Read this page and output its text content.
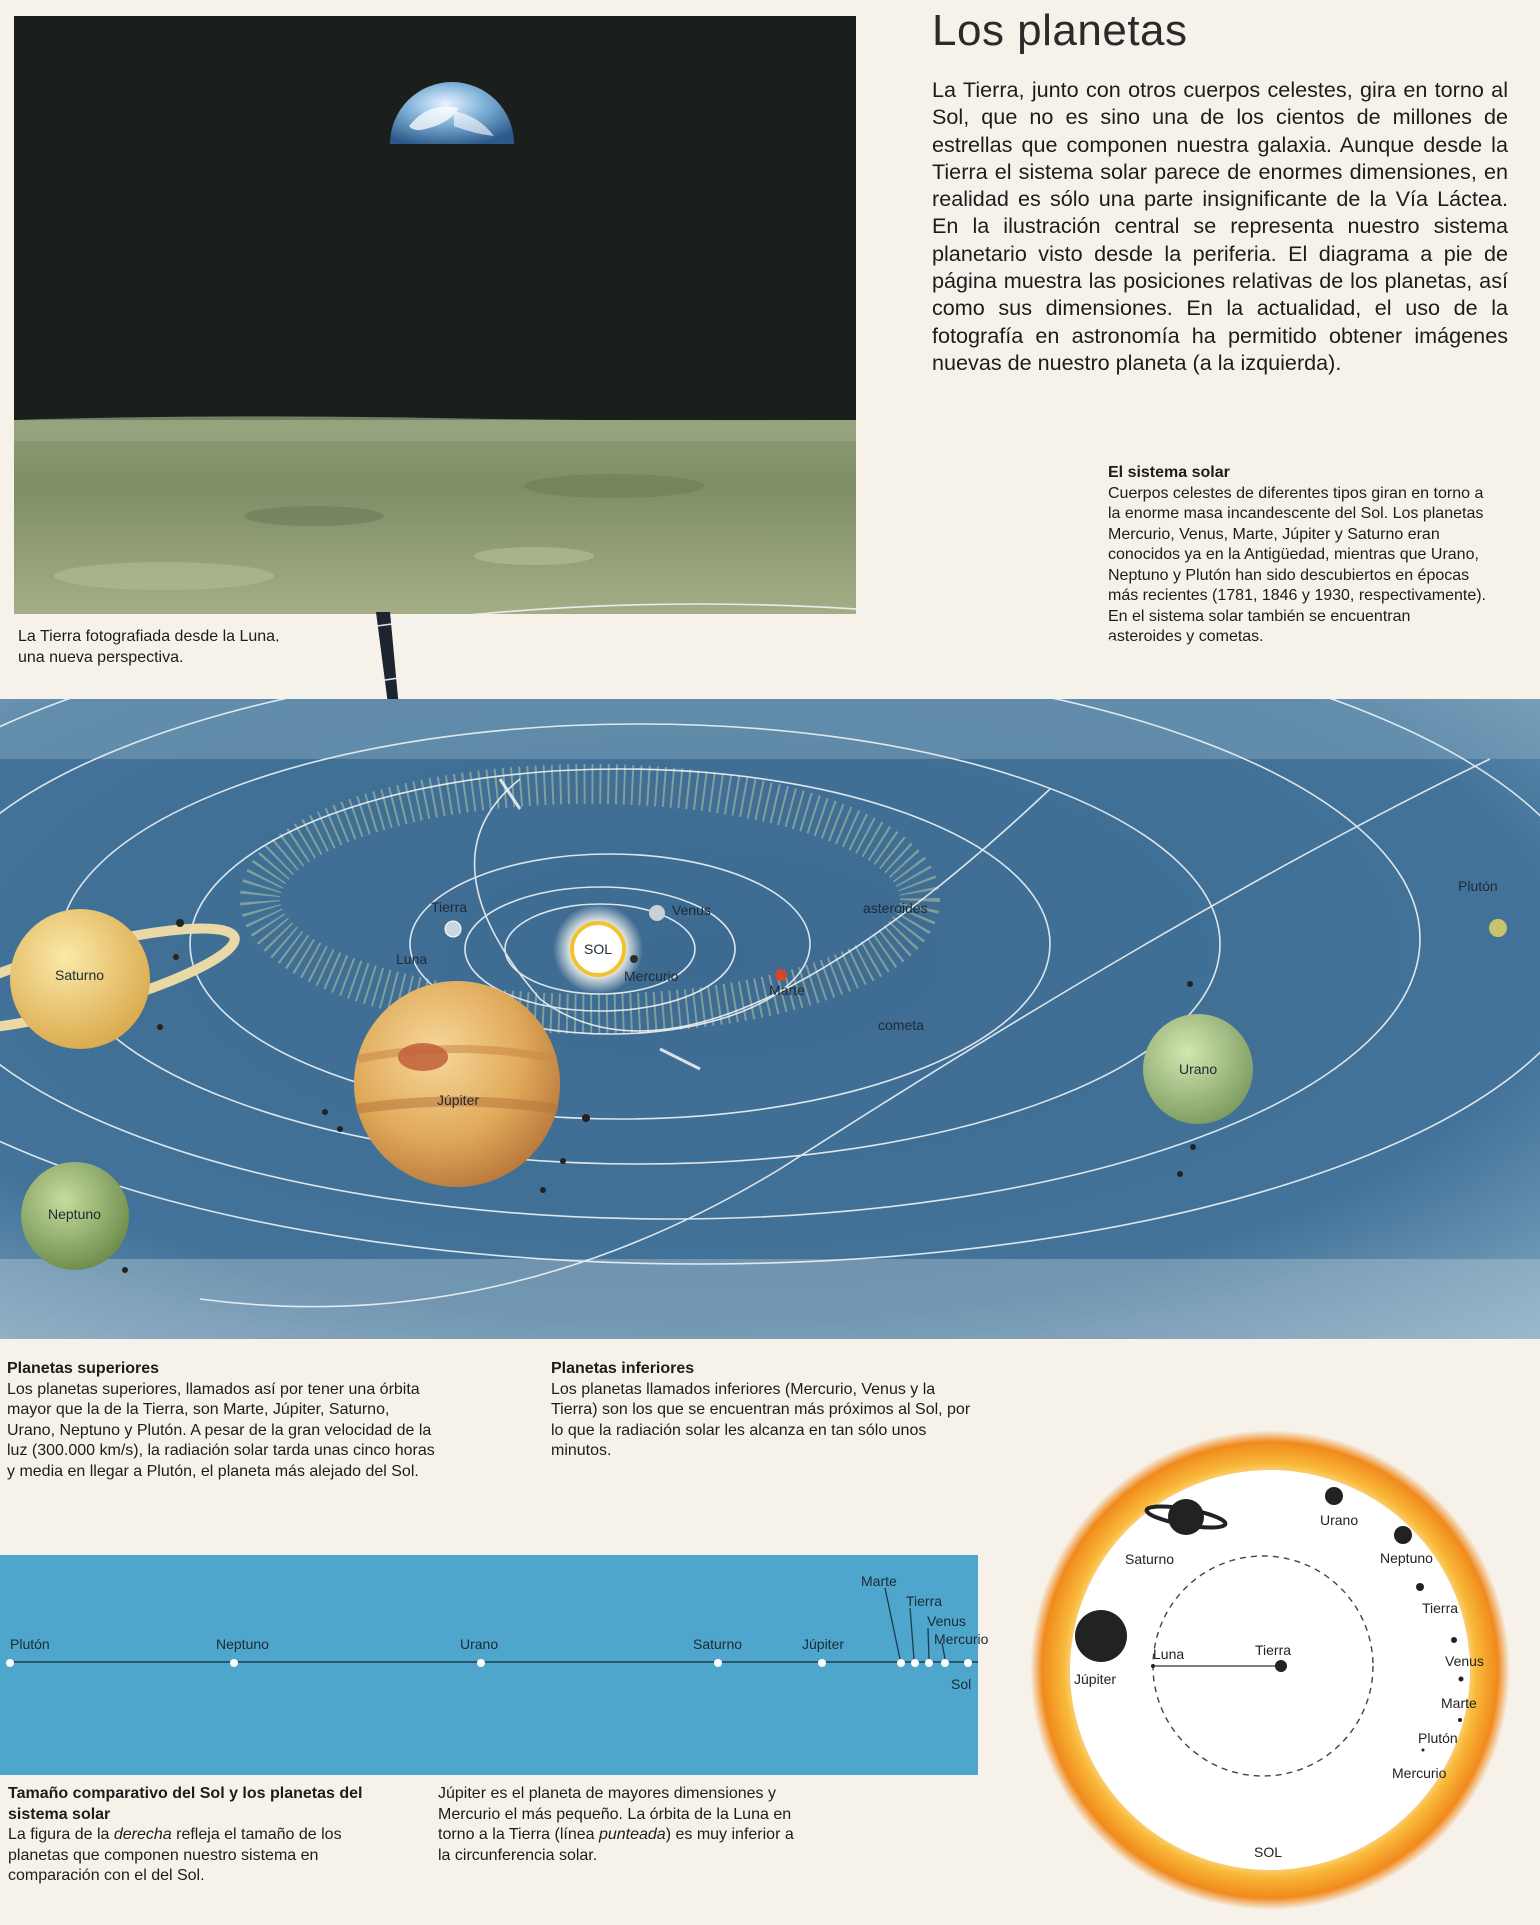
Los planetas

La Tierra, junto con otros cuerpos celestes, gira en torno al Sol, que no es sino una de los cientos de millones de estrellas que componen nuestra galaxia. Aunque desde la Tierra el sistema solar parece de enormes dimensiones, en realidad es sólo una parte insignificante de la Vía Láctea. En la ilustración central se representa nuestro sistema planetario visto desde la periferia. El diagrama a pie de página muestra las posiciones relativas de los planetas, así como sus dimensiones. En la actualidad, el uso de la fotografía en astronomía ha permitido obtener imágenes nuevas de nuestro planeta (a la izquierda).

La Tierra fotografiada desde la Luna, una nueva perspectiva.

El sistema solar

Cuerpos celestes de diferentes tipos giran en torno a la enorme masa incandescente del Sol. Los planetas Mercurio, Venus, Marte, Júpiter y Saturno eran conocidos ya en la Antigüedad, mientras que Urano, Neptuno y Plutón han sido descubiertos en épocas más recientes (1781, 1846 y 1930, respectivamente). En el sistema solar también se encuentran asteroides y cometas.

SOL
Tierra
Luna
Venus
Mercurio
Marte
asteroides
cometa
Plutón
Saturno
Júpiter
Urano
Neptuno

Planetas superiores

Los planetas superiores, llamados así por tener una órbita mayor que la de la Tierra, son Marte, Júpiter, Saturno, Urano, Neptuno y Plutón. A pesar de la gran velocidad de la luz (300.000 km/s), la radiación solar tarda unas cinco horas y media en llegar a Plutón, el planeta más alejado del Sol.

Planetas inferiores

Los planetas llamados inferiores (Mercurio, Venus y la Tierra) son los que se encuentran más próximos al Sol, por lo que la radiación solar les alcanza en tan sólo unos minutos.

Plutón	Neptuno	Urano	Saturno	Júpiter
Marte
Tierra
Venus
Mercurio
Sol

Tamaño comparativo del Sol y los planetas del sistema solar

La figura de la derecha refleja el tamaño de los planetas que componen nuestro sistema en comparación con el del Sol.

Júpiter es el planeta de mayores dimensiones y Mercurio el más pequeño. La órbita de la Luna en torno a la Tierra (línea punteada) es muy inferior a la circunferencia solar.

Saturno
Urano
Neptuno
Tierra
Venus
Marte
Plutón
Mercurio
Júpiter
Luna	Tierra
SOL
